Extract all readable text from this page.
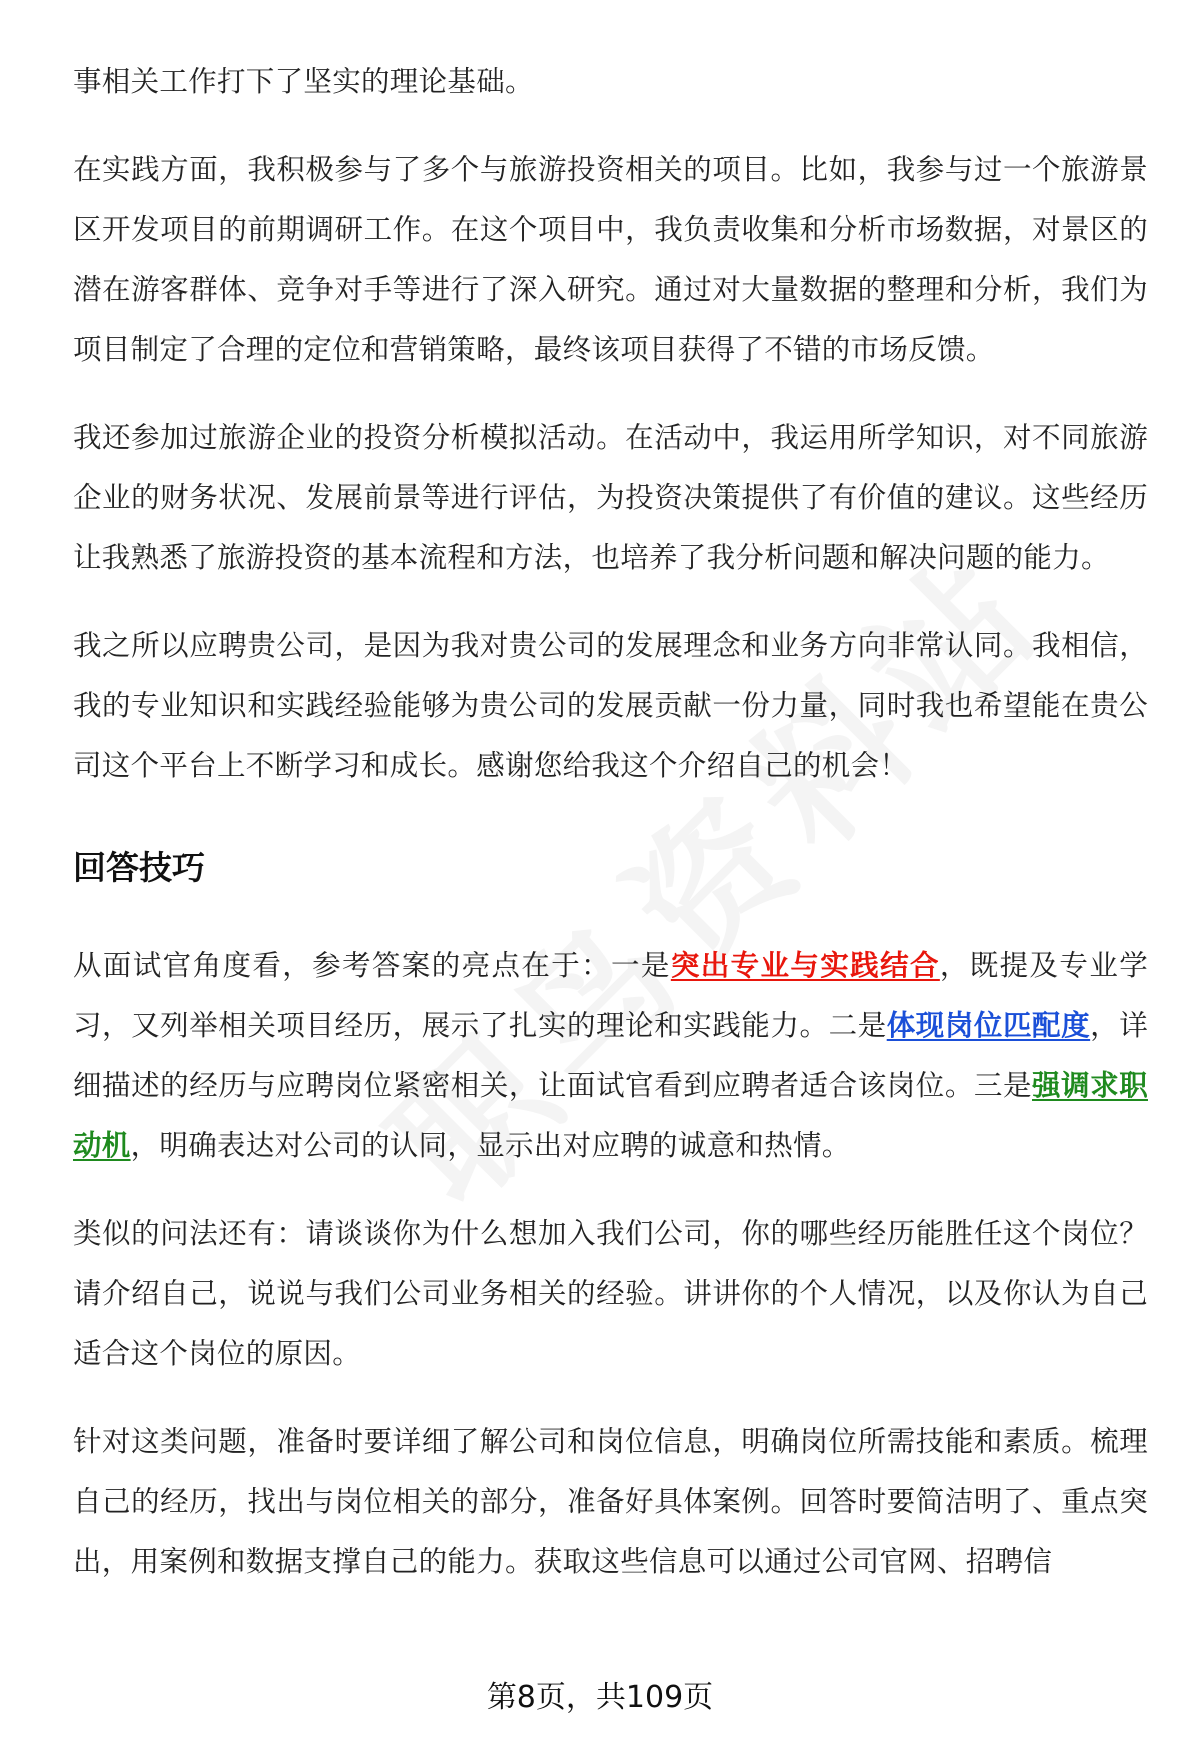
事相关工作打下了坚实的理论基础。

在实践方面，我积极参与了多个与旅游投资相关的项目。比如，我参与过一个旅游景区开发项目的前期调研工作。在这个项目中，我负责收集和分析市场数据，对景区的潜在游客群体、竞争对手等进行了深入研究。通过对大量数据的整理和分析，我们为项目制定了合理的定位和营销策略，最终该项目获得了不错的市场反馈。

我还参加过旅游企业的投资分析模拟活动。在活动中，我运用所学知识，对不同旅游企业的财务状况、发展前景等进行评估，为投资决策提供了有价值的建议。这些经历让我熟悉了旅游投资的基本流程和方法，也培养了我分析问题和解决问题的能力。

我之所以应聘贵公司，是因为我对贵公司的发展理念和业务方向非常认同。我相信，我的专业知识和实践经验能够为贵公司的发展贡献一份力量，同时我也希望能在贵公司这个平台上不断学习和成长。感谢您给我这个介绍自己的机会！

回答技巧

从面试官角度看，参考答案的亮点在于：一是突出专业与实践结合，既提及专业学习，又列举相关项目经历，展示了扎实的理论和实践能力。二是体现岗位匹配度，详细描述的经历与应聘岗位紧密相关，让面试官看到应聘者适合该岗位。三是强调求职动机，明确表达对公司的认同，显示出对应聘的诚意和热情。

类似的问法还有：请谈谈你为什么想加入我们公司，你的哪些经历能胜任这个岗位？请介绍自己，说说与我们公司业务相关的经验。讲讲你的个人情况，以及你认为自己适合这个岗位的原因。

针对这类问题，准备时要详细了解公司和岗位信息，明确岗位所需技能和素质。梳理自己的经历，找出与岗位相关的部分，准备好具体案例。回答时要简洁明了、重点突出，用案例和数据支撑自己的能力。获取这些信息可以通过公司官网、招聘信

第8页，共109页
